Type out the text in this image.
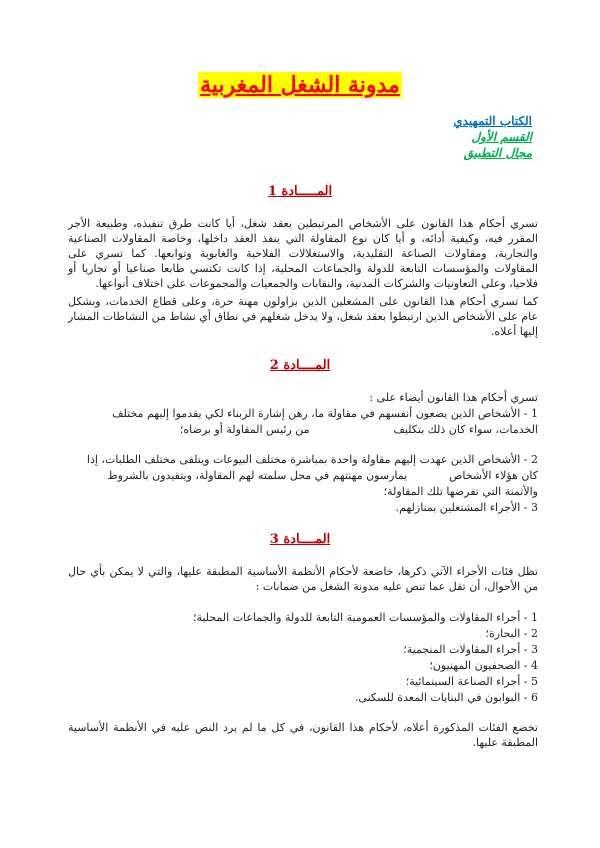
مدونة الشغل المغربية
الكتاب التمهيدي
القسم الأول
مجال التطبيق
المـــــادة 1
تسري أحكام هذا القانون على الأشخاص المرتبطين بعقد شغل، أيا كانت طرق تنفيذه، وطبيعة الأجر المقرر فيه، وكيفية أدائه، و أيا كان نوع المقاولة التي ينفذ العقد داخلها، وخاصة المقاولات الصناعية والتجارية، ومقاولات الصناعة التقليدية، والاستغلالات الفلاحية والغابوية وتوابعها. كما تسري على المقاولات والمؤسسات التابعة للدولة والجماعات المحلية، إذا كانت تكتسي طابعا صناعيا أو تجاريا أو فلاحيا، وعلى التعاونيات والشركات المدنية، والنقابات والجمعيات والمجموعات على اختلاف أنواعها.
كما تسري أحكام هذا القانون على المشغلين الذين يزاولون مهنة حرة، وعلى قطاع الخدمات، وبشكل عام على الأشخاص الذين ارتبطوا بعقد شغل، ولا يدخل شغلهم في نطاق أي نشاط من النشاطات المشار إليها أعلاه.
المــــادة 2
تسري أحكام هذا القانون أيضاء على :
1 - الأشخاص الذين يضعون أنفسهم في مقاولة ما، رهن إشارة الزبناء لكي يقدموا إليهم مختلف
الخدمات، سواء كان ذلك بتكليف                        من رئيس المقاولة أو برضاه؛
2 - الأشخاص الذين عهدت إليهم مقاولة واحدة بمباشرة مختلف البيوعات ويتلقى مختلف الطلبات، إذا
كان هؤلاء الأشخاص            يمارسون مهنتهم في محل سلمته لهم المقاولة، ويتقيدون بالشروط
والأثمنة التي تفرضها تلك المقاولة؛
3 - الأجراء المشتغلين بمنازلهم.
المــــادة 3
تظل فئات الأجراء الآتي ذكرها، خاضعة لأحكام الأنظمة الأساسية المطبقة عليها، والتي لا يمكن بأي حال من الأحوال، أن تقل عما تنص عليه مدونة الشغل من ضمانات :
1 - أجراء المقاولات والمؤسسات العمومية التابعة للدولة والجماعات المحلية؛
2 - البحارة؛
3 - أجراء المقاولات المنجمية؛
4 - الصحفيون المهنيون؛
5 - أجراء الصناعة السينمائية؛
6 - البوابون في البنايات المعدة للسكنى.
تخضع الفئات المذكورة أعلاه، لأحكام هذا القانون، في كل ما لم يرد النص عليه في الأنظمة الأساسية المطبقة عليها.
